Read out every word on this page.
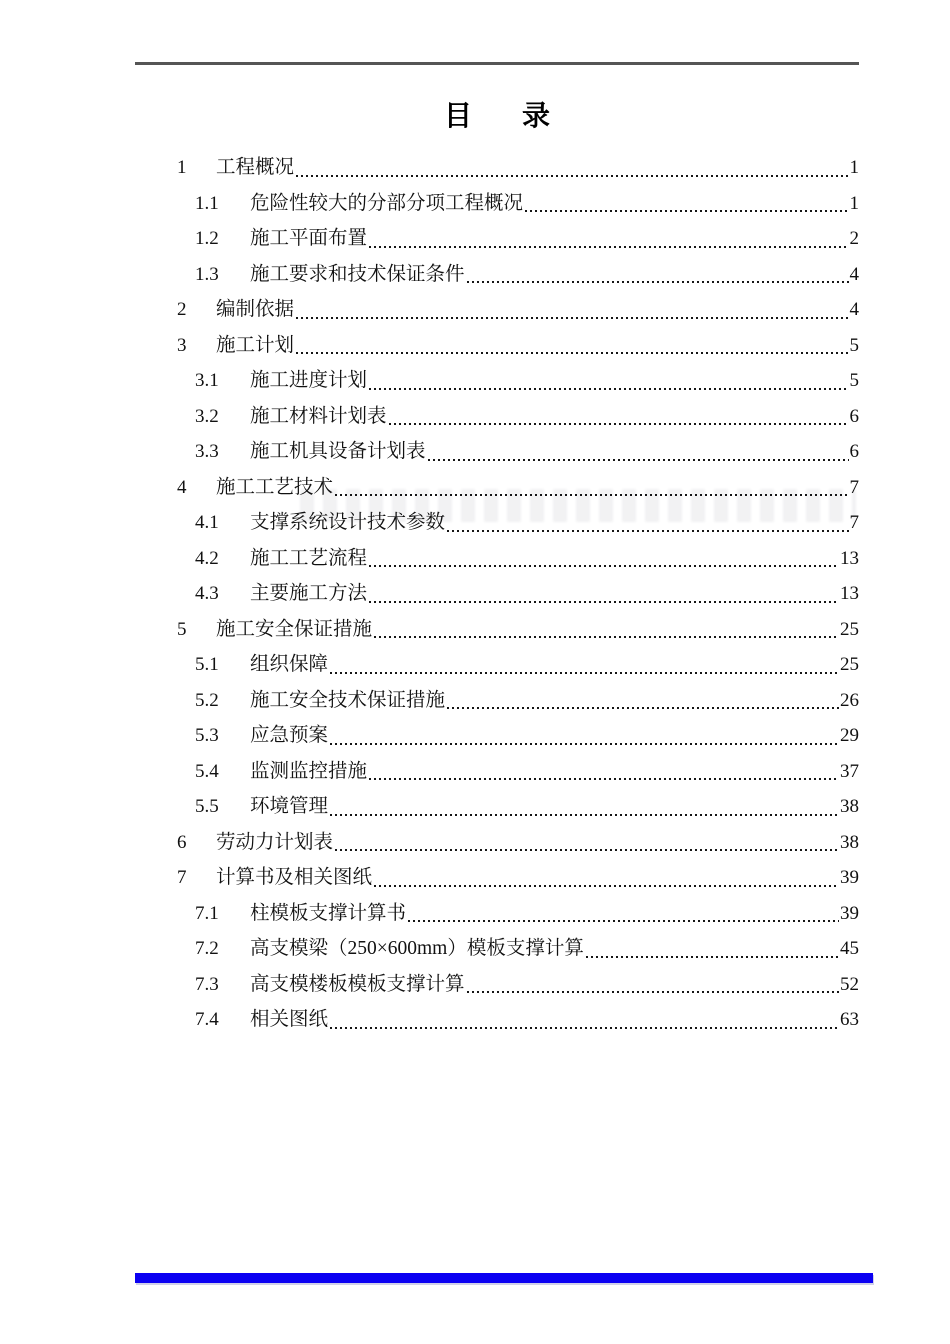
目　录
1	工程概况	1
1.1	危险性较大的分部分项工程概况	1
1.2	施工平面布置	2
1.3	施工要求和技术保证条件	4
2	编制依据	4
3	施工计划	5
3.1	施工进度计划	5
3.2	施工材料计划表	6
3.3	施工机具设备计划表	6
4	施工工艺技术	7
4.1	支撑系统设计技术参数	7
4.2	施工工艺流程	13
4.3	主要施工方法	13
5	施工安全保证措施	25
5.1	组织保障	25
5.2	施工安全技术保证措施	26
5.3	应急预案	29
5.4	监测监控措施	37
5.5	环境管理	38
6	劳动力计划表	38
7	计算书及相关图纸	39
7.1	柱模板支撑计算书	39
7.2	高支模梁（250×600mm）模板支撑计算	45
7.3	高支模楼板模板支撑计算	52
7.4	相关图纸	63
